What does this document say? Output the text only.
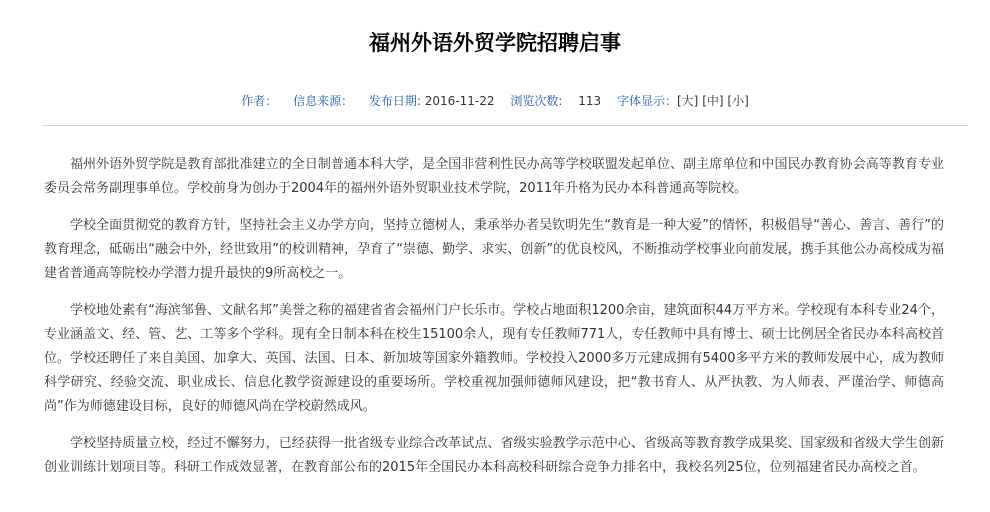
福州外语外贸学院招聘启事
作者： 信息来源： 发布日期: 2016-11-22 浏览次数: 113 字体显示：[大] [中] [小]

福州外语外贸学院是教育部批准建立的全日制普通本科大学，是全国非营利性民办高等学校联盟发起单位、副主席单位和中国民办教育协会高等教育专业委员会常务副理事单位。学校前身为创办于2004年的福州外语外贸职业技术学院，2011年升格为民办本科普通高等院校。

学校全面贯彻党的教育方针，坚持社会主义办学方向，坚持立德树人，秉承举办者吴钦明先生“教育是一种大爱”的情怀，积极倡导“善心、善言、善行”的教育理念，砥砺出“融会中外，经世致用”的校训精神，孕育了“崇德、勤学、求实、创新”的优良校风，不断推动学校事业向前发展，携手其他公办高校成为福建省普通高等院校办学潜力提升最快的9所高校之一。

学校地处素有“海滨邹鲁、文献名邦”美誉之称的福建省省会福州门户长乐市。学校占地面积1200余亩，建筑面积44万平方米。学校现有本科专业24个，专业涵盖文、经、管、艺、工等多个学科。现有全日制本科在校生15100余人，现有专任教师771人，专任教师中具有博士、硕士比例居全省民办本科高校首位。学校还聘任了来自美国、加拿大、英国、法国、日本、新加坡等国家外籍教师。学校投入2000多万元建成拥有5400多平方米的教师发展中心，成为教师科学研究、经验交流、职业成长、信息化教学资源建设的重要场所。学校重视加强师德师风建设，把“教书育人、从严执教、为人师表、严谨治学、师德高尚”作为师德建设目标，良好的师德风尚在学校蔚然成风。

学校坚持质量立校，经过不懈努力，已经获得一批省级专业综合改革试点、省级实验教学示范中心、省级高等教育教学成果奖、国家级和省级大学生创新创业训练计划项目等。科研工作成效显著，在教育部公布的2015年全国民办本科高校科研综合竞争力排名中，我校名列25位，位列福建省民办高校之首。
